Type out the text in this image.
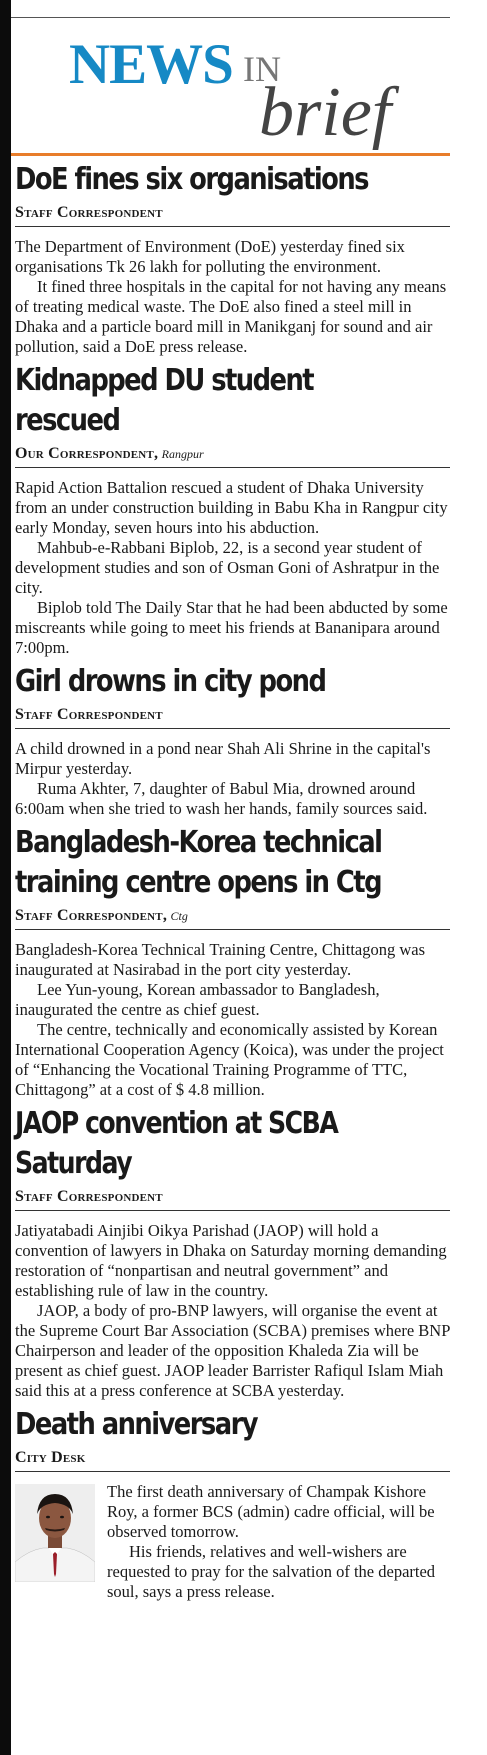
NEWS IN
brief
DoE fines six organisations
Staff Correspondent

The Department of Environment (DoE) yesterday fined six organisations Tk 26 lakh for polluting the environment.

It fined three hospitals in the capital for not having any means of treating medical waste. The DoE also fined a steel mill in Dhaka and a particle board mill in Manikganj for sound and air pollution, said a DoE press release.

Kidnapped DU student rescued
Our Correspondent, Rangpur

Rapid Action Battalion rescued a student of Dhaka University from an under construction building in Babu Kha in Rangpur city early Monday, seven hours into his abduction.

Mahbub-e-Rabbani Biplob, 22, is a second year student of development studies and son of Osman Goni of Ashratpur in the city.

Biplob told The Daily Star that he had been abducted by some miscreants while going to meet his friends at Bananipara around 7:00pm.

Girl drowns in city pond
Staff Correspondent

A child drowned in a pond near Shah Ali Shrine in the capital's Mirpur yesterday.

Ruma Akhter, 7, daughter of Babul Mia, drowned around 6:00am when she tried to wash her hands, family sources said.

Bangladesh-Korea technical training centre opens in Ctg
Staff Correspondent, Ctg

Bangladesh-Korea Technical Training Centre, Chittagong was inaugurated at Nasirabad in the port city yesterday.

Lee Yun-young, Korean ambassador to Bangladesh, inaugurated the centre as chief guest.

The centre, technically and economically assisted by Korean International Cooperation Agency (Koica), was under the project of “Enhancing the Vocational Training Programme of TTC, Chittagong” at a cost of $ 4.8 million.

JAOP convention at SCBA Saturday
Staff Correspondent

Jatiyatabadi Ainjibi Oikya Parishad (JAOP) will hold a convention of lawyers in Dhaka on Saturday morning demanding restoration of “nonpartisan and neutral government” and establishing rule of law in the country.

JAOP, a body of pro-BNP lawyers, will organise the event at the Supreme Court Bar Association (SCBA) premises where BNP Chairperson and leader of the opposition Khaleda Zia will be present as chief guest. JAOP leader Barrister Rafiqul Islam Miah said this at a press conference at SCBA yesterday.

Death anniversary
City Desk

The first death anniversary of Champak Kishore Roy, a former BCS (admin) cadre official, will be observed tomorrow.

His friends, relatives and well-wishers are requested to pray for the salvation of the departed soul, says a press release.
